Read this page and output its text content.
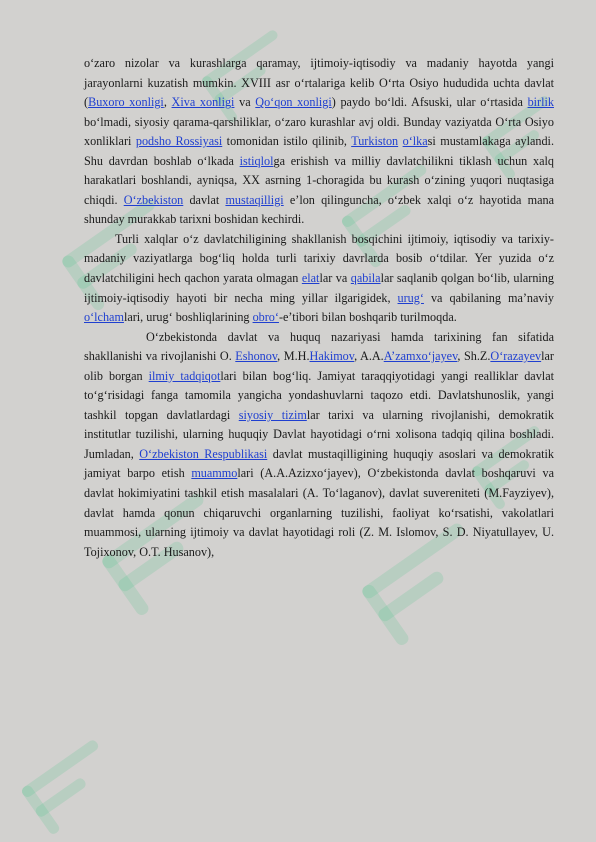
o‘zaro nizolar va kurashlarga qaramay, ijtimoiy-iqtisodiy va madaniy hayotda yangi jarayonlarni kuzatish mumkin. XVIII asr o‘rtalariga kelib O‘rta Osiyo hududida uchta davlat (Buxoro xonligi, Xiva xonligi va Qo‘qon xonligi) paydo bo‘ldi. Afsuski, ular o‘rtasida birlik bo‘lmadi, siyosiy qarama-qarshiliklar, o‘zaro kurashlar avj oldi. Bunday vaziyatda O‘rta Osiyo xonliklari podsho Rossiyasi tomonidan istilo qilinib, Turkiston o‘lkasi mustamlakaga aylandi. Shu davrdan boshlab o‘lkada istiqlolga erishish va milliy davlatchilikni tiklash uchun xalq harakatlari boshlandi, ayniqsa, XX asrning 1-choragida bu kurash o‘zining yuqori nuqtasiga chiqdi. O‘zbekiston davlat mustaqilligi e’lon qilinguncha, o‘zbek xalqi o‘z hayotida mana shunday murakkab tarixni boshidan kechirdi.

Turli xalqlar o‘z davlatchiligining shakllanish bosqichini ijtimoiy, iqtisodiy va tarixiy-madaniy vaziyatlarga bog‘liq holda turli tarixiy davrlarda bosib o‘tdilar. Yer yuzida o‘z davlatchiligini hech qachon yarata olmagan elatlar va qabilalar saqlanib qolgan bo‘lib, ularning ijtimoiy-iqtisodiy hayoti bir necha ming yillar ilgarigidek, urug‘ va qabilaning ma’naviy o‘lchamlari, urug‘ boshliqlarining obro‘-e’tibori bilan boshqarib turilmoqda.

O‘zbekistonda davlat va huquq nazariyasi hamda tarixining fan sifatida shakllanishi va rivojlanishi O. Eshonov, M.H.Hakimov, A.A.A’zamxo‘jayev, Sh.Z.O‘razayevlar olib borgan ilmiy tadqiqotlari bilan bog‘liq. Jamiyat taraqqiyotidagi yangi realliklar davlat to‘g‘risidagi fanga tamomila yangicha yondashuvlarni taqozo etdi. Davlatshunoslik, yangi tashkil topgan davlatlardagi siyosiy tizimlar tarixi va ularning rivojlanishi, demokratik institutlar tuzilishi, ularning huquqiy Davlat hayotidagi o‘rni xolisona tadqiq qilina boshladi. Jumladan, O‘zbekiston Respublikasi davlat mustaqilligining huquqiy asoslari va demokratik jamiyat barpo etish muammolari (A.A.Azizxo‘jayev), O‘zbekistonda davlat boshqaruvi va davlat hokimiyatini tashkil etish masalalari (A. To‘laganov), davlat suvereniteti (M.Fayziyev), davlat hamda qonun chiqaruvchi organlarning tuzilishi, faoliyat ko‘rsatishi, vakolatlari muammosi, ularning ijtimoiy va davlat hayotidagi roli (Z. M. Islomov, S. D. Niyatullayev, U. Tojixonov, O.T. Husanov),
